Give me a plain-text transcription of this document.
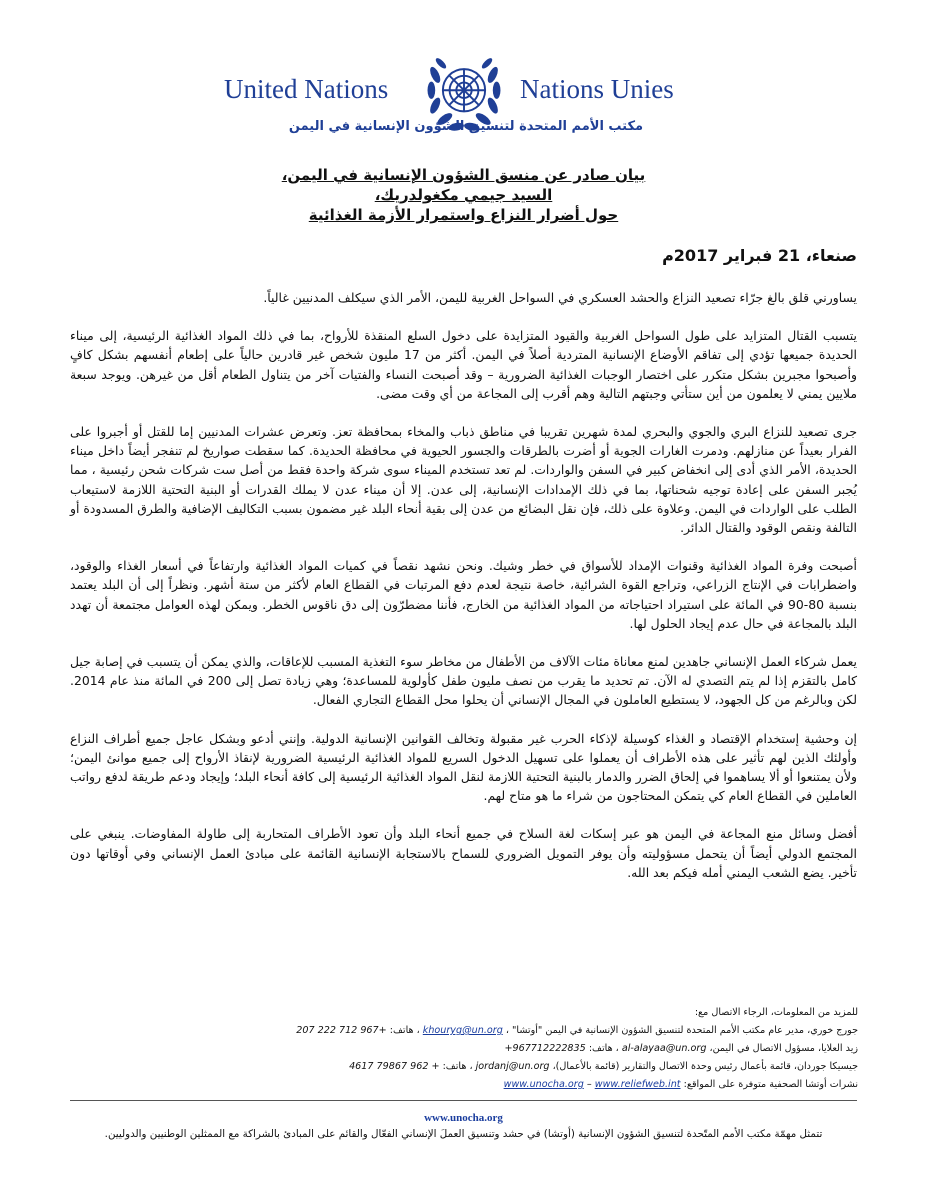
United Nations	Nations Unies
مكتب الأمم المتحدة لتنسيق الشؤون الإنسانية في اليمن
بيان صادر عن منسق الشؤون الإنسانية في اليمن،
السيد جيمي مكغولدريك،
حول أضرار النزاع واستمرار الأزمة الغذائية
صنعاء، 21 فبراير 2017م

يساورني قلق بالغ جرّاء تصعيد النزاع والحشد العسكري في السواحل الغربية لليمن، الأمر الذي سيكلف المدنيين غالياً.

يتسبب القتال المتزايد على طول السواحل الغربية والقيود المتزايدة على دخول السلع المنقذة للأرواح، بما في ذلك المواد الغذائية الرئيسية، إلى ميناء الحديدة جميعها تؤدي إلى تفاقم الأوضاع الإنسانية المتردية أصلاً في اليمن. أكثر من 17 مليون شخص غير قادرين حالياً على إطعام أنفسهم بشكل كافٍ وأصبحوا مجبرين بشكل متكرر على اختصار الوجبات الغذائية الضرورية – وقد أصبحت النساء والفتيات آخر من يتناول الطعام أقل من غيرهن. ويوجد سبعة ملايين يمني لا يعلمون من أين ستأتي وجبتهم التالية وهم أقرب إلى المجاعة من أي وقت مضى.

جرى تصعيد للنزاع البري والجوي والبحري لمدة شهرين تقريبا في مناطق ذباب والمخاء بمحافظة تعز. وتعرض عشرات المدنيين إما للقتل أو أجبروا على الفرار بعيداً عن منازلهم. ودمرت الغارات الجوية أو أضرت بالطرقات والجسور الحيوية في محافظة الحديدة. كما سقطت صواريخ لم تنفجر أيضاً داخل ميناء الحديدة، الأمر الذي أدى إلى انخفاض كبير في السفن والواردات. لم تعد تستخدم الميناء سوى شركة واحدة فقط من أصل ست شركات شحن رئيسية ، مما يُجبر السفن على إعادة توجيه شحناتها، بما في ذلك الإمدادات الإنسانية، إلى عدن. إلا أن ميناء عدن لا يملك القدرات أو البنية التحتية اللازمة لاستيعاب الطلب على الواردات في اليمن. وعلاوة على ذلك، فإن نقل البضائع من عدن إلى بقية أنحاء البلد غير مضمون بسبب التكاليف الإضافية والطرق المسدودة أو التالفة ونقص الوقود والقتال الدائر.

أصبحت وفرة المواد الغذائية وقنوات الإمداد للأسواق في خطر وشيك. ونحن نشهد نقصاً في كميات المواد الغذائية وارتفاعاً في أسعار الغذاء والوقود، واضطرابات في الإنتاج الزراعي، وتراجع القوة الشرائية، خاصة نتيجة لعدم دفع المرتبات في القطاع العام لأكثر من ستة أشهر. ونظراً إلى أن البلد يعتمد بنسبة 80-90 في المائة على استيراد احتياجاته من المواد الغذائية من الخارج، فأننا مضطرّون إلى دق ناقوس الخطر. ويمكن لهذه العوامل مجتمعة أن تهدد البلد بالمجاعة في حال عدم إيجاد الحلول لها.

يعمل شركاء العمل الإنساني جاهدين لمنع معاناة مئات الآلاف من الأطفال من مخاطر سوء التغذية المسبب للإعاقات، والذي يمكن أن يتسبب في إصابة جيل كامل بالتقزم إذا لم يتم التصدي له الآن. تم تحديد ما يقرب من نصف مليون طفل كأولوية للمساعدة؛ وهي زيادة تصل إلى 200 في المائة منذ عام 2014. لكن وبالرغم من كل الجهود، لا يستطيع العاملون في المجال الإنساني أن يحلوا محل القطاع التجاري الفعال.

إن وحشية إستخدام الإقتصاد و الغذاء كوسيلة لإذكاء الحرب غير مقبولة وتخالف القوانين الإنسانية الدولية. وإنني أدعو وبشكل عاجل جميع أطراف النزاع وأولئك الذين لهم تأثير على هذه الأطراف أن يعملوا على تسهيل الدخول السريع للمواد الغذائية الرئيسية الضرورية لإنقاذ الأرواح إلى جميع موانئ اليمن؛ ولأن يمتنعوا أو ألا يساهموا في إلحاق الضرر والدمار بالبنية التحتية اللازمة لنقل المواد الغذائية الرئيسية إلى كافة أنحاء البلد؛ وإيجاد ودعم طريقة لدفع رواتب العاملين في القطاع العام كي يتمكن المحتاجون من شراء ما هو متاح لهم.

أفضل وسائل منع المجاعة في اليمن هو عبر إسكات لغة السلاح في جميع أنحاء البلد وأن تعود الأطراف المتحاربة إلى طاولة المفاوضات. ينبغي على المجتمع الدولي أيضاً أن يتحمل مسؤوليته وأن يوفر التمويل الضروري للسماح بالاستجابة الإنسانية القائمة على مبادئ العمل الإنساني وفي أوقاتها دون تأخير. يضع الشعب اليمني أمله فيكم بعد الله.

للمزيد من المعلومات، الرجاء الاتصال مع:
جورج خوري، مدير عام مكتب الأمم المتحدة لتنسيق الشؤون الإنسانية في اليمن "أوتشا" ، khouryg@un.org ، هاتف: 207 222 712 967+
زيد العلايا، مسؤول الاتصال في اليمن، al-alayaa@un.org ، هاتف: +967712222835
جيسيكا جوردان، قائمة بأعمال رئيس وحدة الاتصال والتقارير (قائمة بالأعمال)، jordanj@un.org ، هاتف: 4617 79867 962 +
نشرات أوتشا الصحفية متوفرة على المواقع: www.unocha.org – www.reliefweb.int
www.unocha.org
تتمثل مهمّة مكتب الأمم المتّحدة لتنسيق الشؤون الإنسانية (أوتشا) في حشد وتنسيق العملَ الإنساني الفعّال والقائم على المبادئ بالشراكة مع الممثلين الوطنيين والدوليين.
